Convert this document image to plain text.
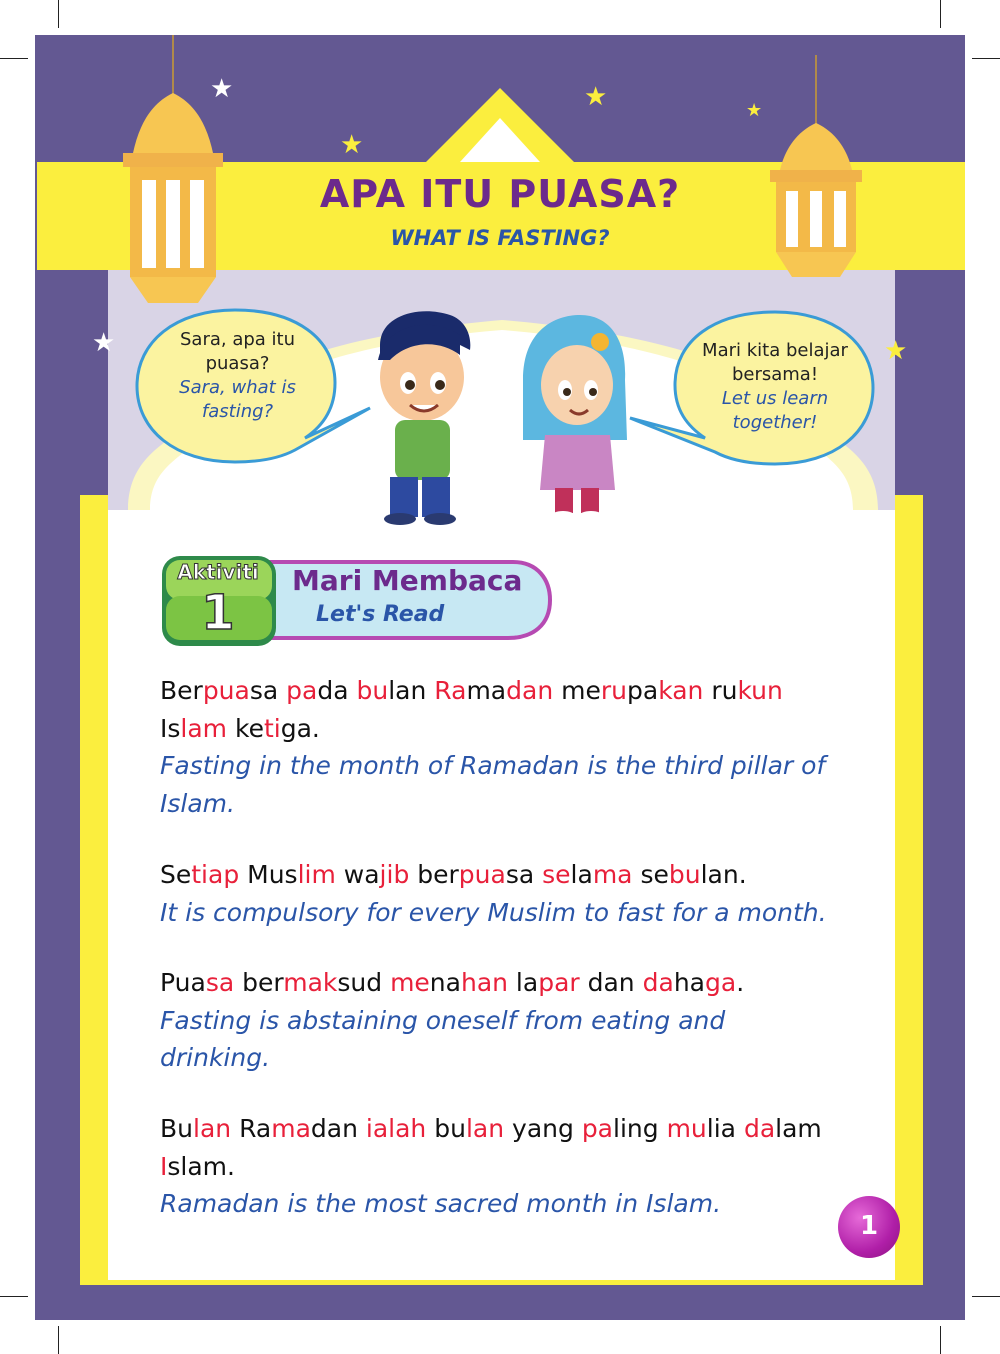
APA ITU PUASA?
WHAT IS FASTING?
★	★
★
★
★	★
Sara, apa itu
puasa?
Sara, what is
fasting?
Mari kita belajar
bersama!
Let us learn
together!
Aktiviti
1
Mari Membaca
Let's Read
Berpuasa pada bulan Ramadan merupakan rukun
Islam ketiga.
Fasting in the month of Ramadan is the third pillar of
Islam.
Setiap Muslim wajib berpuasa selama sebulan.
It is compulsory for every Muslim to fast for a month.
Puasa bermaksud menahan lapar dan dahaga.
Fasting is abstaining oneself from eating and
drinking.
Bulan Ramadan ialah bulan yang paling mulia dalam
Islam.
Ramadan is the most sacred month in Islam.
1
